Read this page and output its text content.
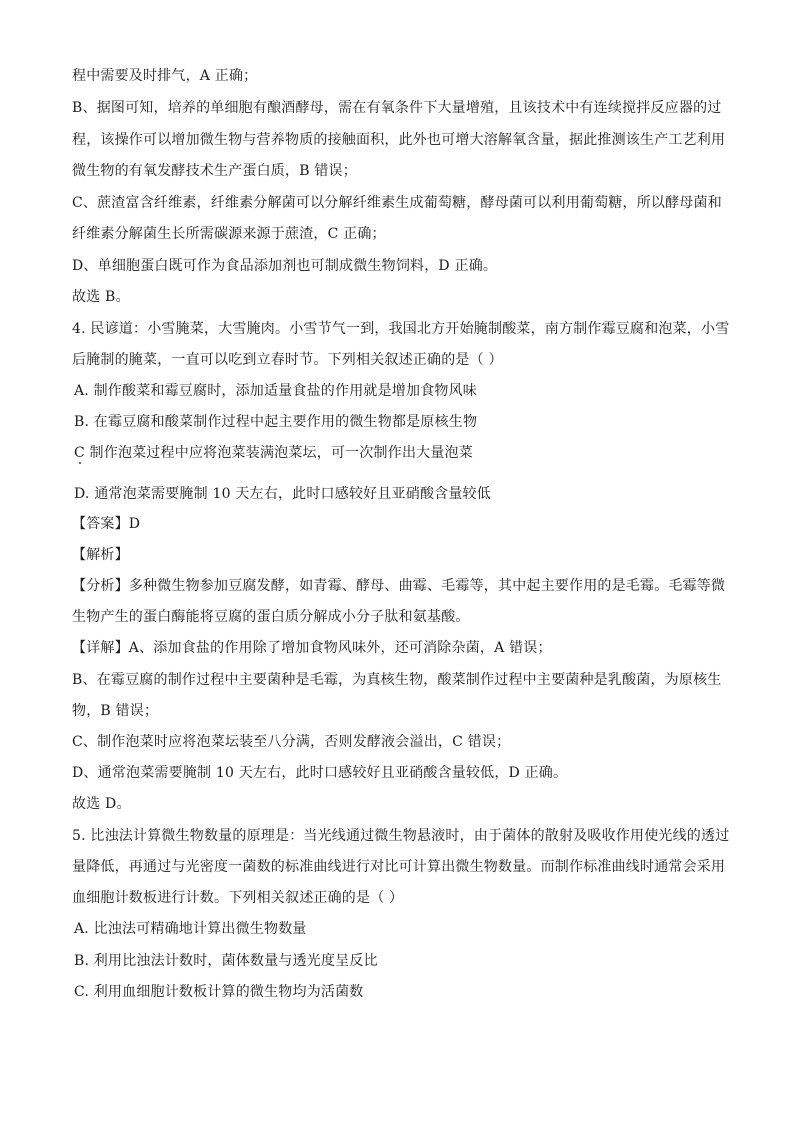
程中需要及时排气，A 正确；
B、据图可知，培养的单细胞有酿酒酵母，需在有氧条件下大量增殖，且该技术中有连续搅拌反应器的过
程，该操作可以增加微生物与营养物质的接触面积，此外也可增大溶解氧含量，据此推测该生产工艺利用
微生物的有氧发酵技术生产蛋白质，B 错误；
C、蔗渣富含纤维素，纤维素分解菌可以分解纤维素生成葡萄糖，酵母菌可以利用葡萄糖，所以酵母菌和
纤维素分解菌生长所需碳源来源于蔗渣，C 正确；
D、单细胞蛋白既可作为食品添加剂也可制成微生物饲料，D 正确。
故选 B。
4. 民谚道：小雪腌菜，大雪腌肉。小雪节气一到，我国北方开始腌制酸菜，南方制作霉豆腐和泡菜，小雪
后腌制的腌菜，一直可以吃到立春时节。下列相关叙述正确的是（ ）
A. 制作酸菜和霉豆腐时，添加适量食盐的作用就是增加食物风味
B. 在霉豆腐和酸菜制作过程中起主要作用的微生物都是原核生物
C 制作泡菜过程中应将泡菜装满泡菜坛，可一次制作出大量泡菜
D. 通常泡菜需要腌制 10 天左右，此时口感较好且亚硝酸含量较低
【答案】D
【解析】
【分析】多种微生物参加豆腐发酵，如青霉、酵母、曲霉、毛霉等，其中起主要作用的是毛霉。毛霉等微
生物产生的蛋白酶能将豆腐的蛋白质分解成小分子肽和氨基酸。
【详解】A、添加食盐的作用除了增加食物风味外，还可消除杂菌，A 错误；
B、在霉豆腐的制作过程中主要菌种是毛霉，为真核生物，酸菜制作过程中主要菌种是乳酸菌，为原核生
物，B 错误；
C、制作泡菜时应将泡菜坛装至八分满，否则发酵液会溢出，C 错误；
D、通常泡菜需要腌制 10 天左右，此时口感较好且亚硝酸含量较低，D 正确。
故选 D。
5. 比浊法计算微生物数量的原理是：当光线通过微生物悬液时，由于菌体的散射及吸收作用使光线的透过
量降低，再通过与光密度一菌数的标准曲线进行对比可计算出微生物数量。而制作标准曲线时通常会采用
血细胞计数板进行计数。下列相关叙述正确的是（ ）
A. 比浊法可精确地计算出微生物数量
B. 利用比浊法计数时，菌体数量与透光度呈反比
C. 利用血细胞计数板计算的微生物均为活菌数
